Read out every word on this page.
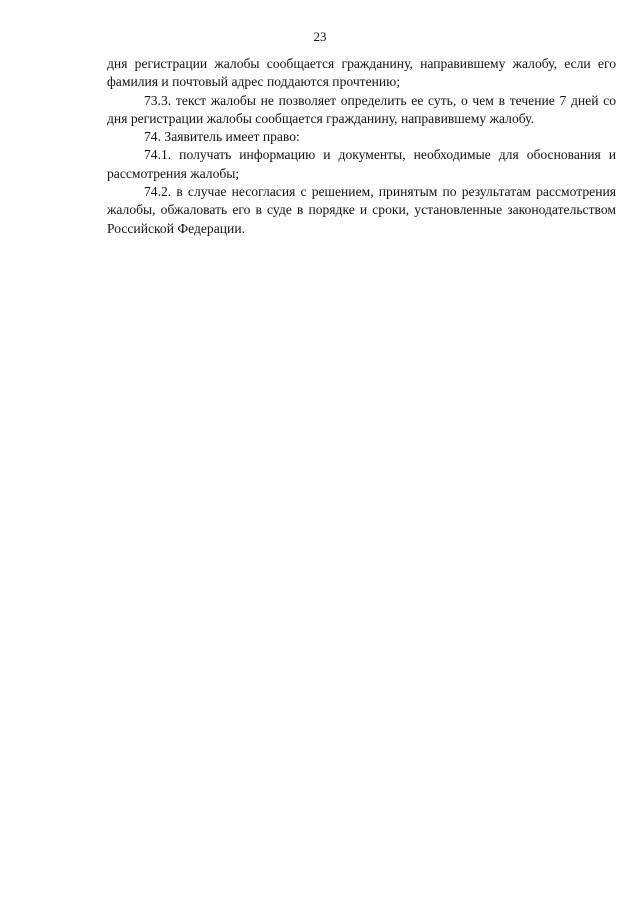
23

дня регистрации жалобы сообщается гражданину, направившему жалобу, если его фамилия и почтовый адрес поддаются прочтению;

73.3. текст жалобы не позволяет определить ее суть, о чем в течение 7 дней со дня регистрации жалобы сообщается гражданину, направившему жалобу.

74. Заявитель имеет право:

74.1. получать информацию и документы, необходимые для обоснования и рассмотрения жалобы;

74.2. в случае несогласия с решением, принятым по результатам рассмотрения жалобы, обжаловать его в суде в порядке и сроки, установленные законодательством Российской Федерации.
